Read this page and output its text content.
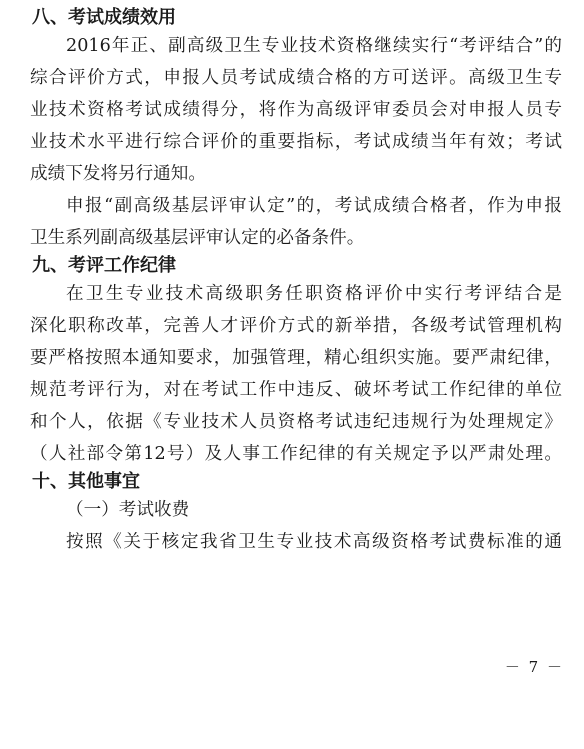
八、考试成绩效用
2016年正、副高级卫生专业技术资格继续实行“考评结合”的
综合评价方式，申报人员考试成绩合格的方可送评。高级卫生专
业技术资格考试成绩得分，将作为高级评审委员会对申报人员专
业技术水平进行综合评价的重要指标，考试成绩当年有效；考试
成绩下发将另行通知。
申报“副高级基层评审认定”的，考试成绩合格者，作为申报
卫生系列副高级基层评审认定的必备条件。
九、考评工作纪律
在卫生专业技术高级职务任职资格评价中实行考评结合是
深化职称改革，完善人才评价方式的新举措，各级考试管理机构
要严格按照本通知要求，加强管理，精心组织实施。要严肃纪律，
规范考评行为，对在考试工作中违反、破坏考试工作纪律的单位
和个人，依据《专业技术人员资格考试违纪违规行为处理规定》
（人社部令第12号）及人事工作纪律的有关规定予以严肃处理。
十、其他事宜
（一）考试收费
按照《关于核定我省卫生专业技术高级资格考试费标准的通
－ 7 －
